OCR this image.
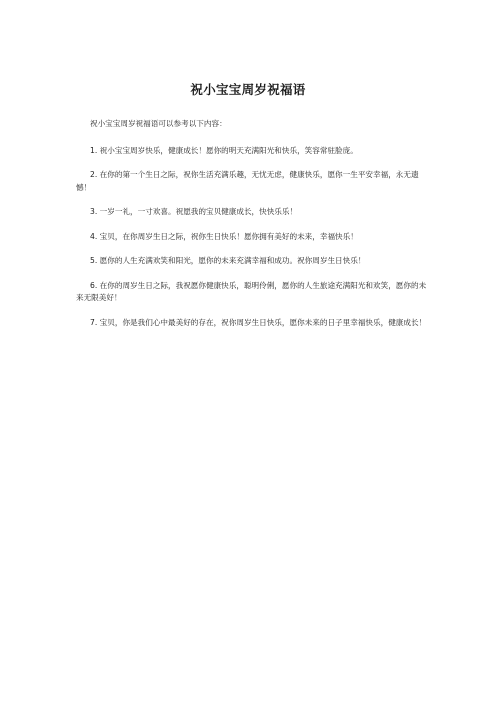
祝小宝宝周岁祝福语

祝小宝宝周岁祝福语可以参考以下内容：

1. 祝小宝宝周岁快乐，健康成长！愿你的明天充满阳光和快乐，笑容常驻脸庞。

2. 在你的第一个生日之际，祝你生活充满乐趣，无忧无虑，健康快乐，愿你一生平安幸福，永无遗憾！

3. 一岁一礼，一寸欢喜。祝愿我的宝贝健康成长，快快乐乐！

4. 宝贝，在你周岁生日之际，祝你生日快乐！愿你拥有美好的未来，幸福快乐！

5. 愿你的人生充满欢笑和阳光，愿你的未来充满幸福和成功。祝你周岁生日快乐！

6. 在你的周岁生日之际，我祝愿你健康快乐，聪明伶俐，愿你的人生旅途充满阳光和欢笑，愿你的未来无限美好！

7. 宝贝，你是我们心中最美好的存在，祝你周岁生日快乐，愿你未来的日子里幸福快乐，健康成长！
